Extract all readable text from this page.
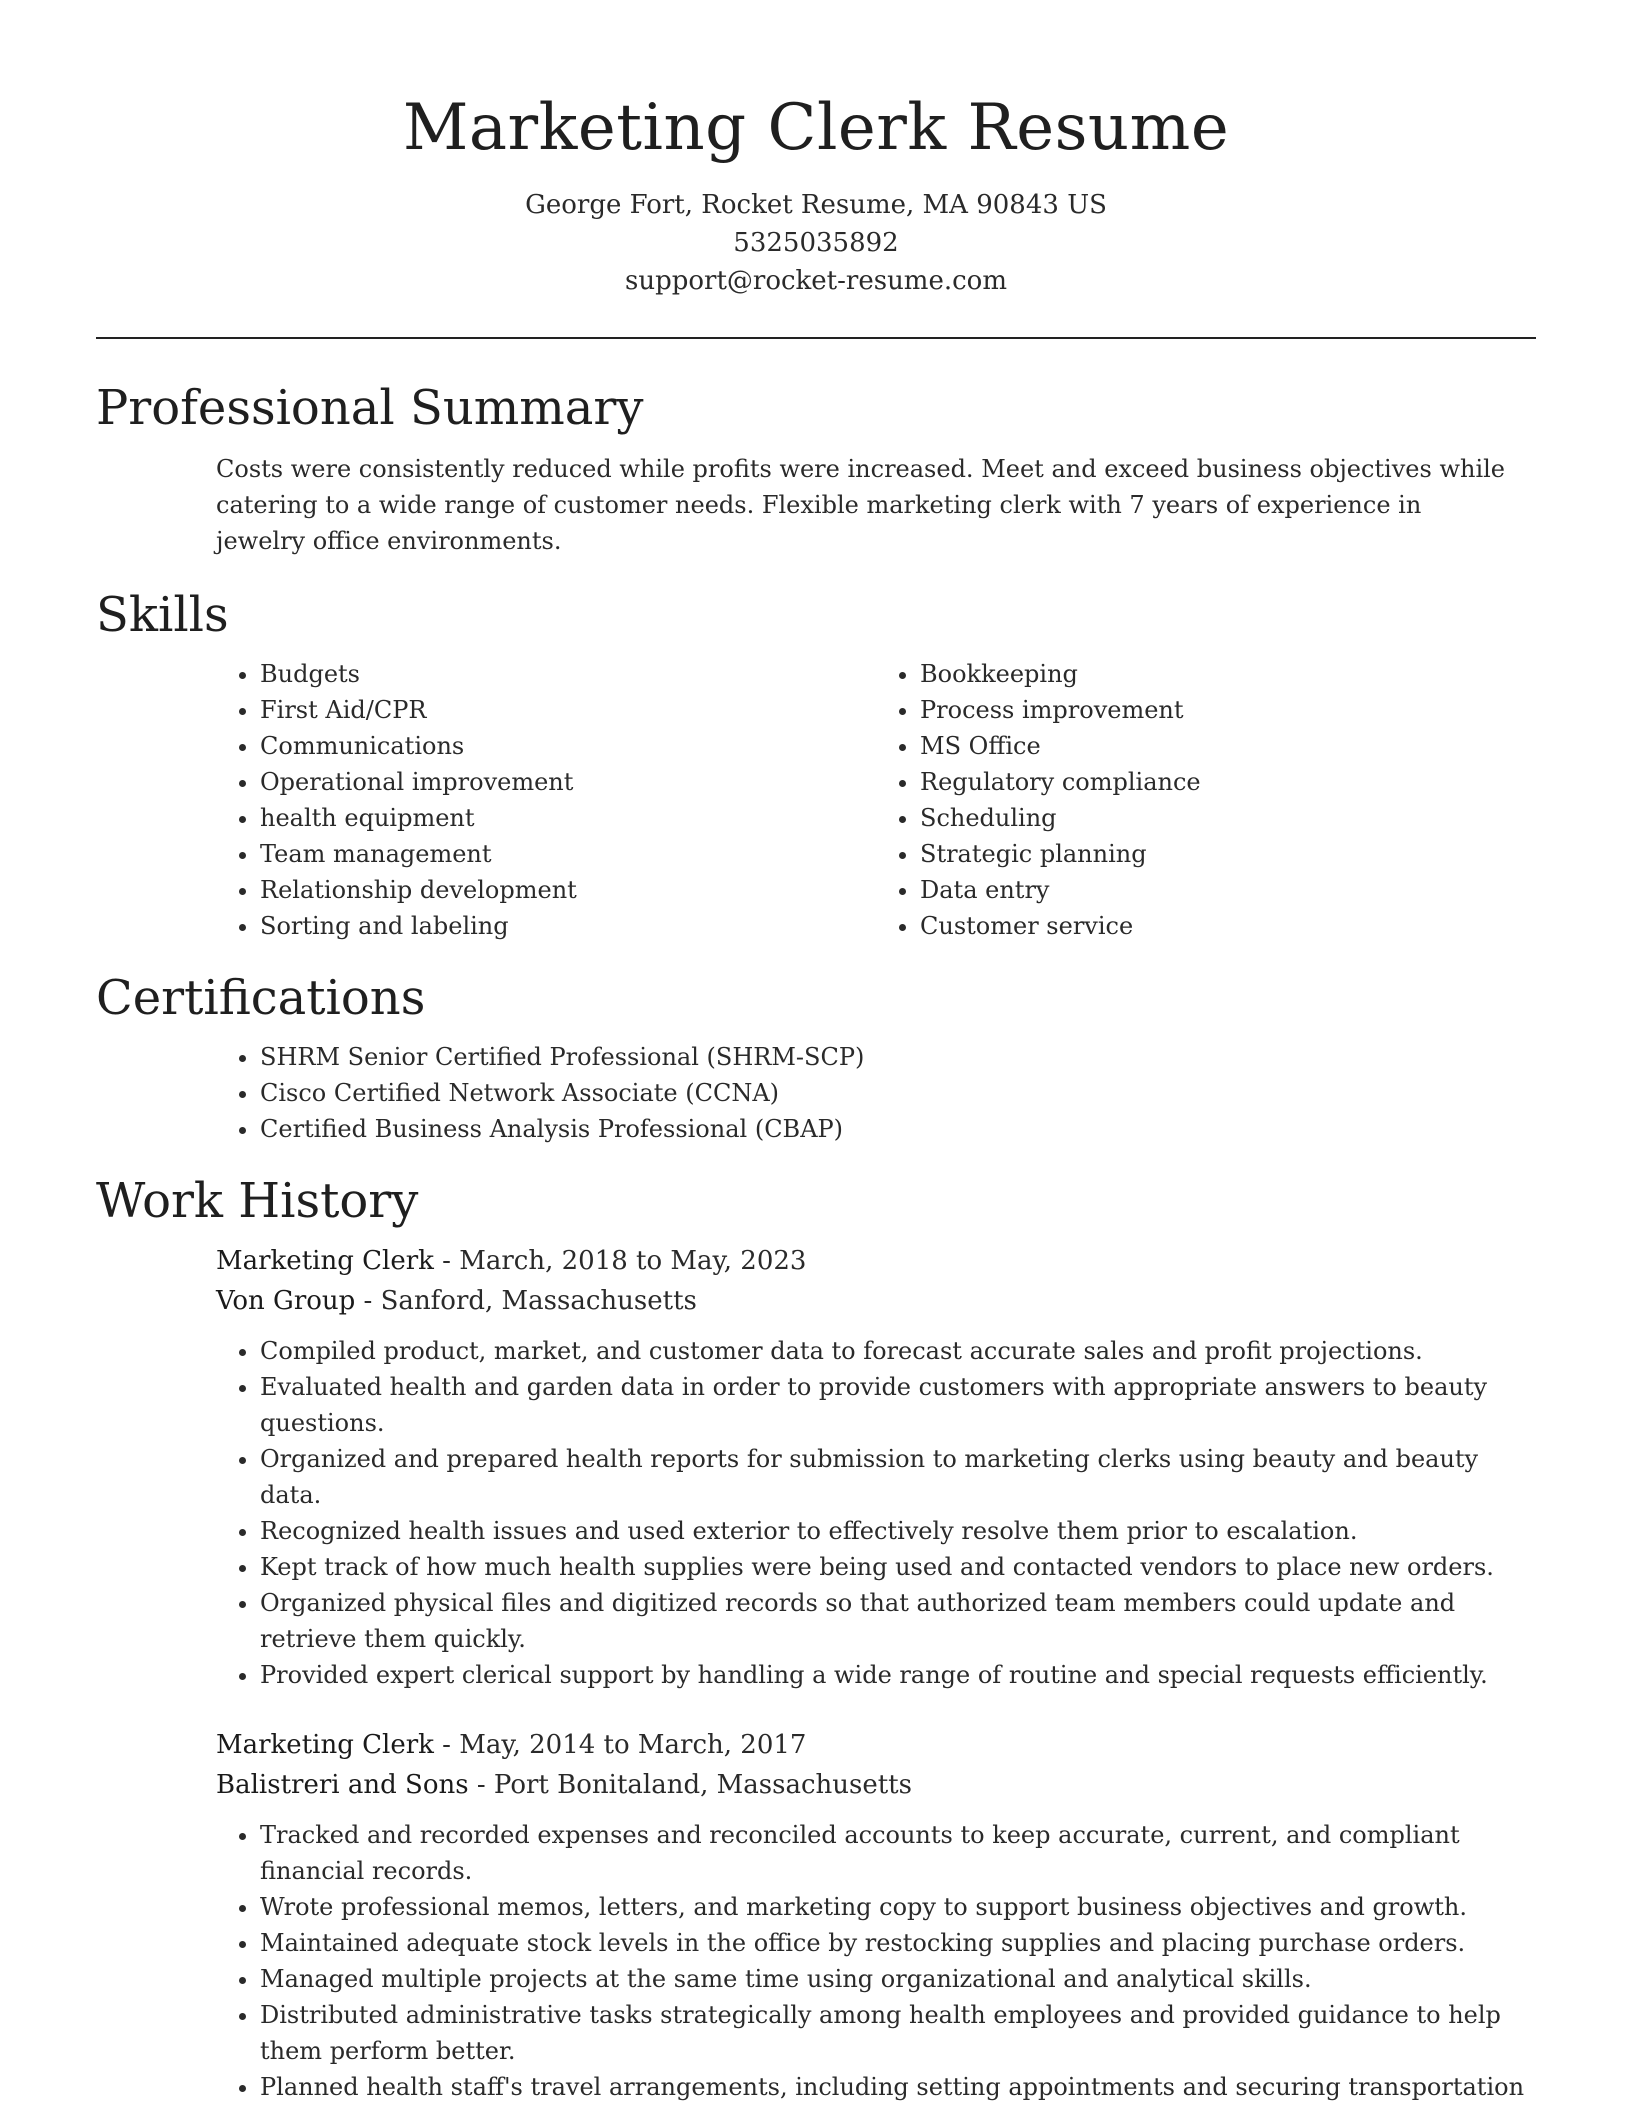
Marketing Clerk Resume
George Fort, Rocket Resume, MA 90843 US
5325035892
support@rocket-resume.com
Professional Summary

Costs were consistently reduced while profits were increased. Meet and exceed business objectives while catering to a wide range of customer needs. Flexible marketing clerk with 7 years of experience in jewelry office environments.

Skills
• Budgets
• First Aid/CPR
• Communications
• Operational improvement
• health equipment
• Team management
• Relationship development
• Sorting and labeling
• Bookkeeping
• Process improvement
• MS Office
• Regulatory compliance
• Scheduling
• Strategic planning
• Data entry
• Customer service
Certifications
• SHRM Senior Certified Professional (SHRM-SCP)
• Cisco Certified Network Associate (CCNA)
• Certified Business Analysis Professional (CBAP)
Work History

Marketing Clerk - March, 2018 to May, 2023

Von Group - Sanford, Massachusetts

• Compiled product, market, and customer data to forecast accurate sales and profit projections.
• Evaluated health and garden data in order to provide customers with appropriate answers to beauty questions.
• Organized and prepared health reports for submission to marketing clerks using beauty and beauty data.
• Recognized health issues and used exterior to effectively resolve them prior to escalation.
• Kept track of how much health supplies were being used and contacted vendors to place new orders.
• Organized physical files and digitized records so that authorized team members could update and retrieve them quickly.
• Provided expert clerical support by handling a wide range of routine and special requests efficiently.

Marketing Clerk - May, 2014 to March, 2017

Balistreri and Sons - Port Bonitaland, Massachusetts

• Tracked and recorded expenses and reconciled accounts to keep accurate, current, and compliant financial records.
• Wrote professional memos, letters, and marketing copy to support business objectives and growth.
• Maintained adequate stock levels in the office by restocking supplies and placing purchase orders.
• Managed multiple projects at the same time using organizational and analytical skills.
• Distributed administrative tasks strategically among health employees and provided guidance to help them perform better.
• Planned health staff's travel arrangements, including setting appointments and securing transportation
